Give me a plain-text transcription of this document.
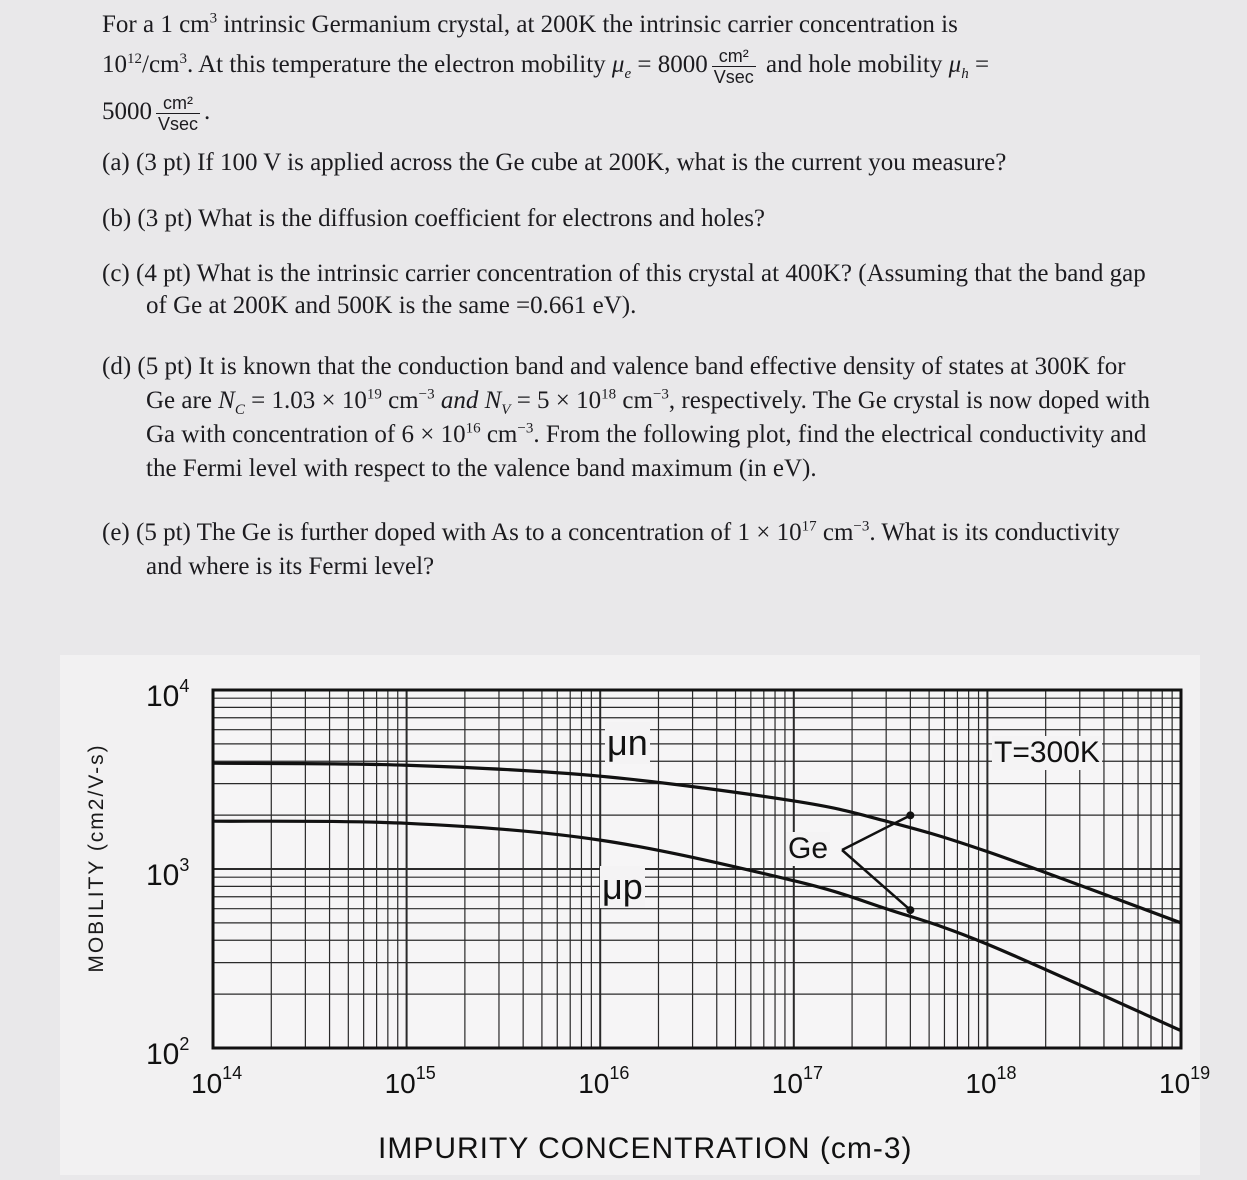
For a 1 $cm^3$ intrinsic Germanium crystal, at 200K the intrinsic carrier concentration is
$10^{12}/cm^3$. At this temperature the electron mobility $\mu_e = 8000 \frac{\text{cm²}}{Vsec}$ and hole mobility $\mu_h$ =
$5000 \frac{\text{cm²}}{Vsec}$ .
(a) (3 pt) If 100 V is applied across the Ge cube at 200K, what is the current you measure?
(b) (3 pt) What is the diffusion coefficient for electrons and holes?
(c) (4 pt) What is the intrinsic carrier concentration of this crystal at 400K? (Assuming that the band gap of Ge at 200K and 500K is the same =0.661 eV).
(d) (5 pt) It is known that the conduction band and valence band effective density of states at 300K for Ge are $N_C = 1.03 \times 10^{19}$ $cm^{-3}$ and $N_V = 5 \times 10^{18}$ $cm^{-3}$, respectively. The Ge crystal is now doped with Ga with concentration of $6 \times 10^{16}$ $cm^{-3}$. From the following plot, find the electrical conductivity and the Fermi level with respect to the valence band maximum (in eV).
(e) (5 pt) The Ge is further doped with As to a concentration of $1 \times 10^{17}$ $cm^{-3}$. What is its conductivity and where is its Fermi level?
MOBILITY (cm2/V-s)
IMPURITY CONCENTRATION (cm-3)
$10^4$
$10^3$
$10^2$
$10^{14}$	$10^{15}$	$10^{16}$	$10^{17}$	$10^{18}$	$10^{19}$
μn
μp
Ge
T=300K
